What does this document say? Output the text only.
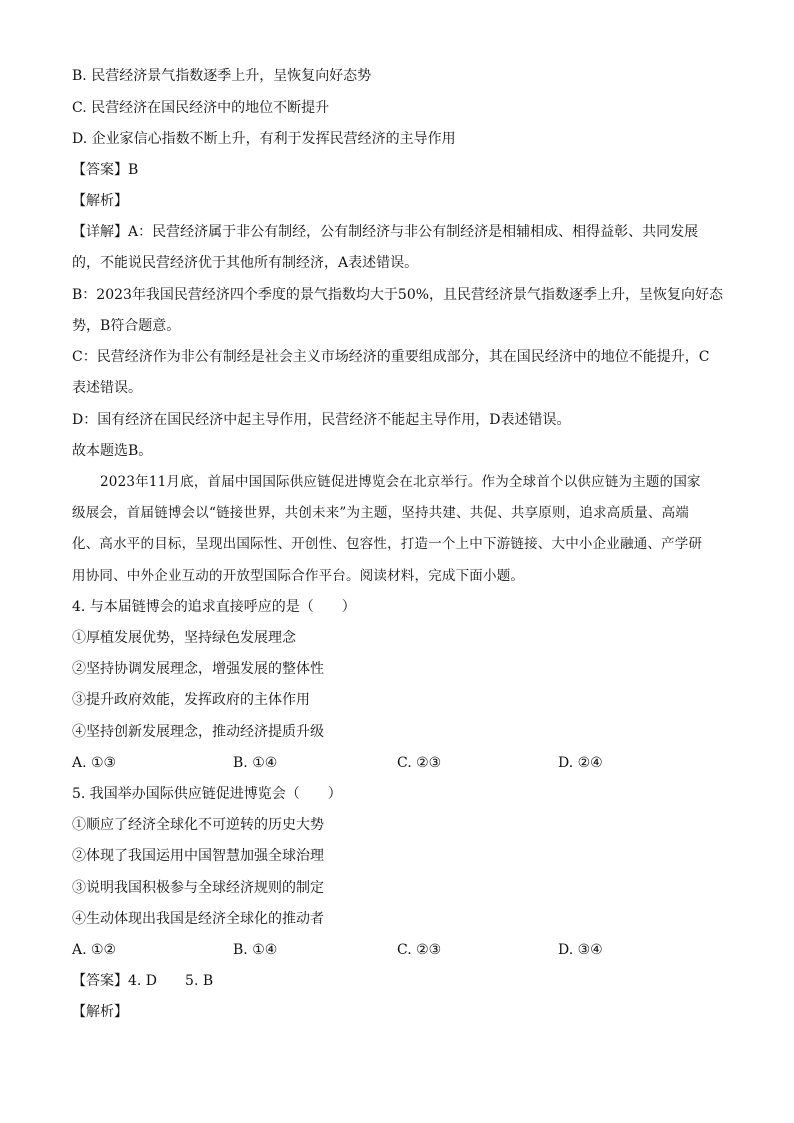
B. 民营经济景气指数逐季上升，呈恢复向好态势
C. 民营经济在国民经济中的地位不断提升
D. 企业家信心指数不断上升，有利于发挥民营经济的主导作用
【答案】B
【解析】
【详解】A：民营经济属于非公有制经，公有制经济与非公有制经济是相辅相成、相得益彰、共同发展
的，不能说民营经济优于其他所有制经济，A表述错误。
B：2023年我国民营经济四个季度的景气指数均大于50%，且民营经济景气指数逐季上升，呈恢复向好态
势，B符合题意。
C：民营经济作为非公有制经是社会主义市场经济的重要组成部分，其在国民经济中的地位不能提升，C
表述错误。
D：国有经济在国民经济中起主导作用，民营经济不能起主导作用，D表述错误。
故本题选B。
2023年11月底，首届中国国际供应链促进博览会在北京举行。作为全球首个以供应链为主题的国家
级展会，首届链博会以“链接世界，共创未来”为主题，坚持共建、共促、共享原则，追求高质量、高端
化、高水平的目标，呈现出国际性、开创性、包容性，打造一个上中下游链接、大中小企业融通、产学研
用协同、中外企业互动的开放型国际合作平台。阅读材料，完成下面小题。
4. 与本届链博会的追求直接呼应的是（　　）
①厚植发展优势，坚持绿色发展理念
②坚持协调发展理念，增强发展的整体性
③提升政府效能，发挥政府的主体作用
④坚持创新发展理念，推动经济提质升级
A. ①③	B. ①④	C. ②③	D. ②④
5. 我国举办国际供应链促进博览会（　　）
①顺应了经济全球化不可逆转的历史大势
②体现了我国运用中国智慧加强全球治理
③说明我国积极参与全球经济规则的制定
④生动体现出我国是经济全球化的推动者
A. ①②	B. ①④	C. ②③	D. ③④
【答案】4. D　　5. B
【解析】
